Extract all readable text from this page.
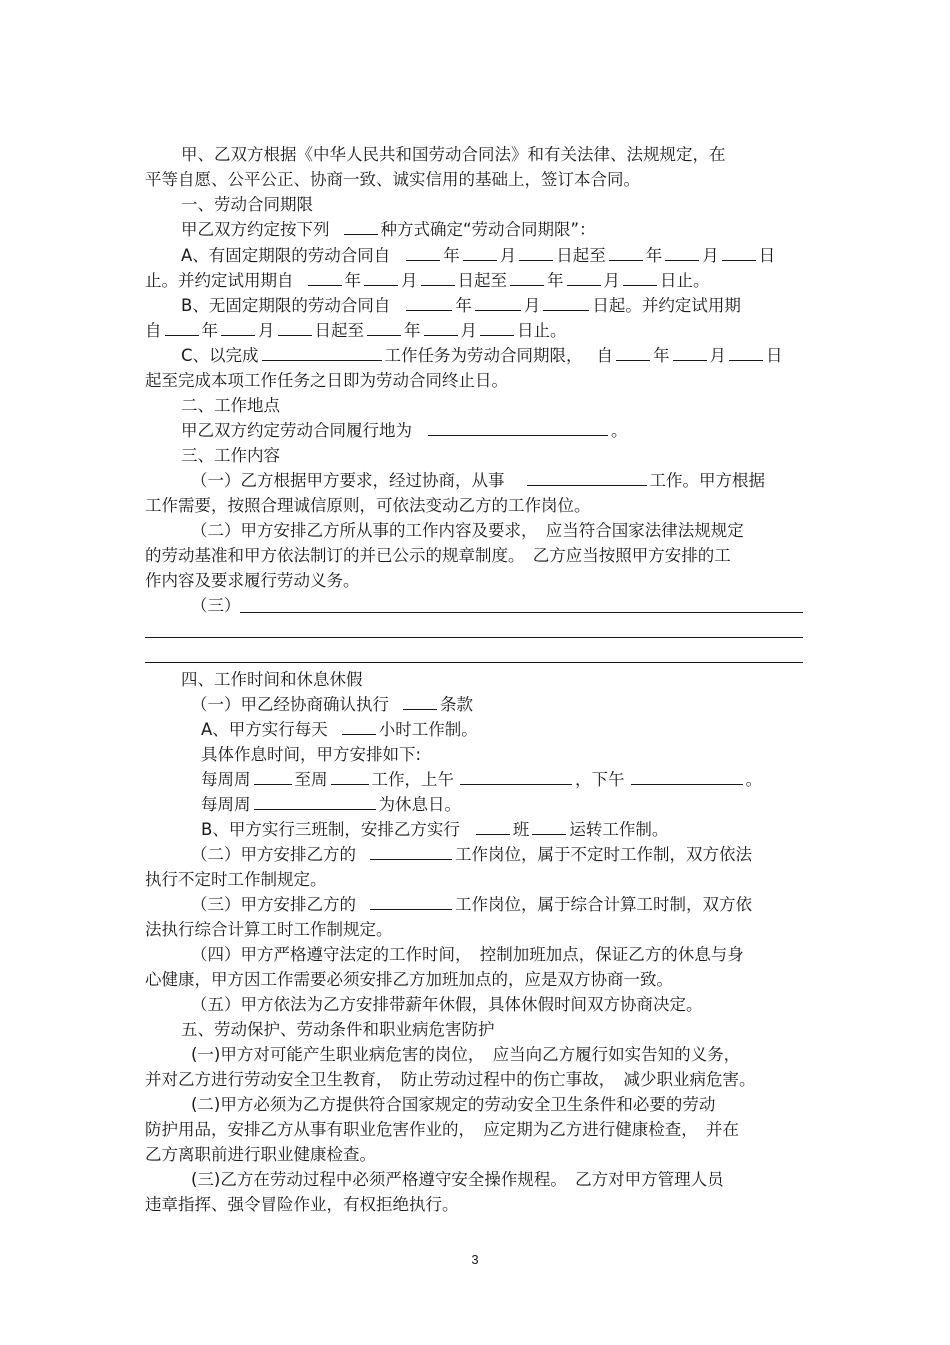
甲、乙双方根据《中华人民共和国劳动合同法》和有关法律、法规规定，在
平等自愿、公平公正、协商一致、诚实信用的基础上，签订本合同。
一、劳动合同期限
甲乙双方约定按下列	种方式确定“劳动合同期限”：
A、有固定期限的劳动合同自	年 月 日起至 年 月 日
止。并约定试用期自	年 月 日起至 年 月 日止。
B、无固定期限的劳动合同自	年	月	日起。并约定试用期
自 年 月 日起至 年 月 日止。
C、以完成	工作任务为劳动合同期限， 自 年 月 日
起至完成本项工作任务之日即为劳动合同终止日。
二、工作地点
甲乙双方约定劳动合同履行地为	。
三、工作内容
（一）乙方根据甲方要求，经过协商，从事	工作。甲方根据
工作需要，按照合理诚信原则，可依法变动乙方的工作岗位。
（二）甲方安排乙方所从事的工作内容及要求，　应当符合国家法律法规规定
的劳动基准和甲方依法制订的并已公示的规章制度。　乙方应当按照甲方安排的工
作内容及要求履行劳动义务。
（三）
四、工作时间和休息休假
（一）甲乙经协商确认执行	条款
A、甲方实行每天	小时工作制。
具体作息时间，甲方安排如下:
每周周	至周	工作，上午	，下午	。
每周周	为休息日。
B、甲方实行三班制，安排乙方实行	班 运转工作制。
（二）甲方安排乙方的	工作岗位，属于不定时工作制，双方依法
执行不定时工作制规定。
（三）甲方安排乙方的	工作岗位，属于综合计算工时制，双方依
法执行综合计算工时工作制规定。
（四）甲方严格遵守法定的工作时间，　控制加班加点，保证乙方的休息与身
心健康，甲方因工作需要必须安排乙方加班加点的，应是双方协商一致。
（五）甲方依法为乙方安排带薪年休假，具体休假时间双方协商决定。
五、劳动保护、劳动条件和职业病危害防护
(一)甲方对可能产生职业病危害的岗位，　应当向乙方履行如实告知的义务，
并对乙方进行劳动安全卫生教育，　防止劳动过程中的伤亡事故，　减少职业病危害。
(二)甲方必须为乙方提供符合国家规定的劳动安全卫生条件和必要的劳动
防护用品，安排乙方从事有职业危害作业的，　应定期为乙方进行健康检查，　并在
乙方离职前进行职业健康检查。
(三)乙方在劳动过程中必须严格遵守安全操作规程。　乙方对甲方管理人员
违章指挥、强令冒险作业，有权拒绝执行。
3
